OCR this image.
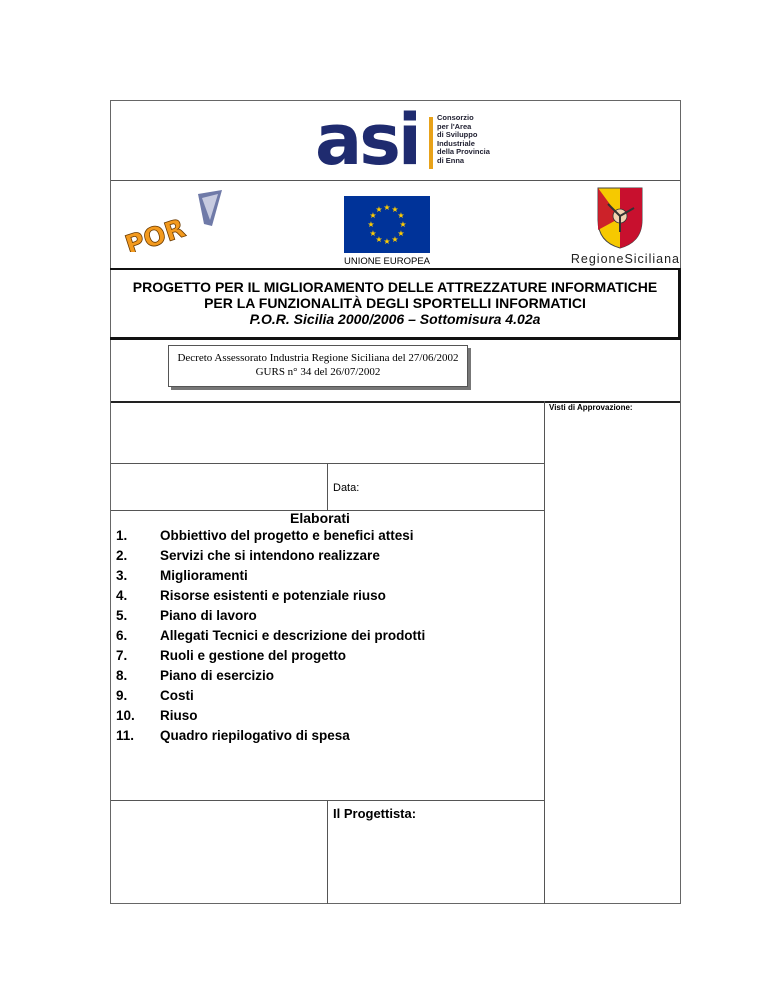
asi Consorzio
per l'Area
di Sviluppo
Industriale
della Provincia
di Enna
POR
★ ★
★
★
★
★
★
★
★
★
★
★
UNIONE EUROPEA	RegioneSiciliana
PROGETTO PER IL MIGLIORAMENTO DELLE ATTREZZATURE INFORMATICHE
PER LA FUNZIONALITÀ DEGLI SPORTELLI INFORMATICI
P.O.R. Sicilia 2000/2006 – Sottomisura 4.02a
Decreto Assessorato Industria Regione Siciliana del 27/06/2002
GURS n° 34 del 26/07/2002
Visti di Approvazione:
Data:
Elaborati
1. Obbiettivo del progetto e benefici attesi
2. Servizi che si intendono realizzare
3. Miglioramenti
4. Risorse esistenti e potenziale riuso
5. Piano di lavoro
6. Allegati Tecnici e descrizione dei prodotti
7. Ruoli e gestione del progetto
8. Piano di esercizio
9. Costi
10. Riuso
11. Quadro riepilogativo di spesa
Il Progettista:
